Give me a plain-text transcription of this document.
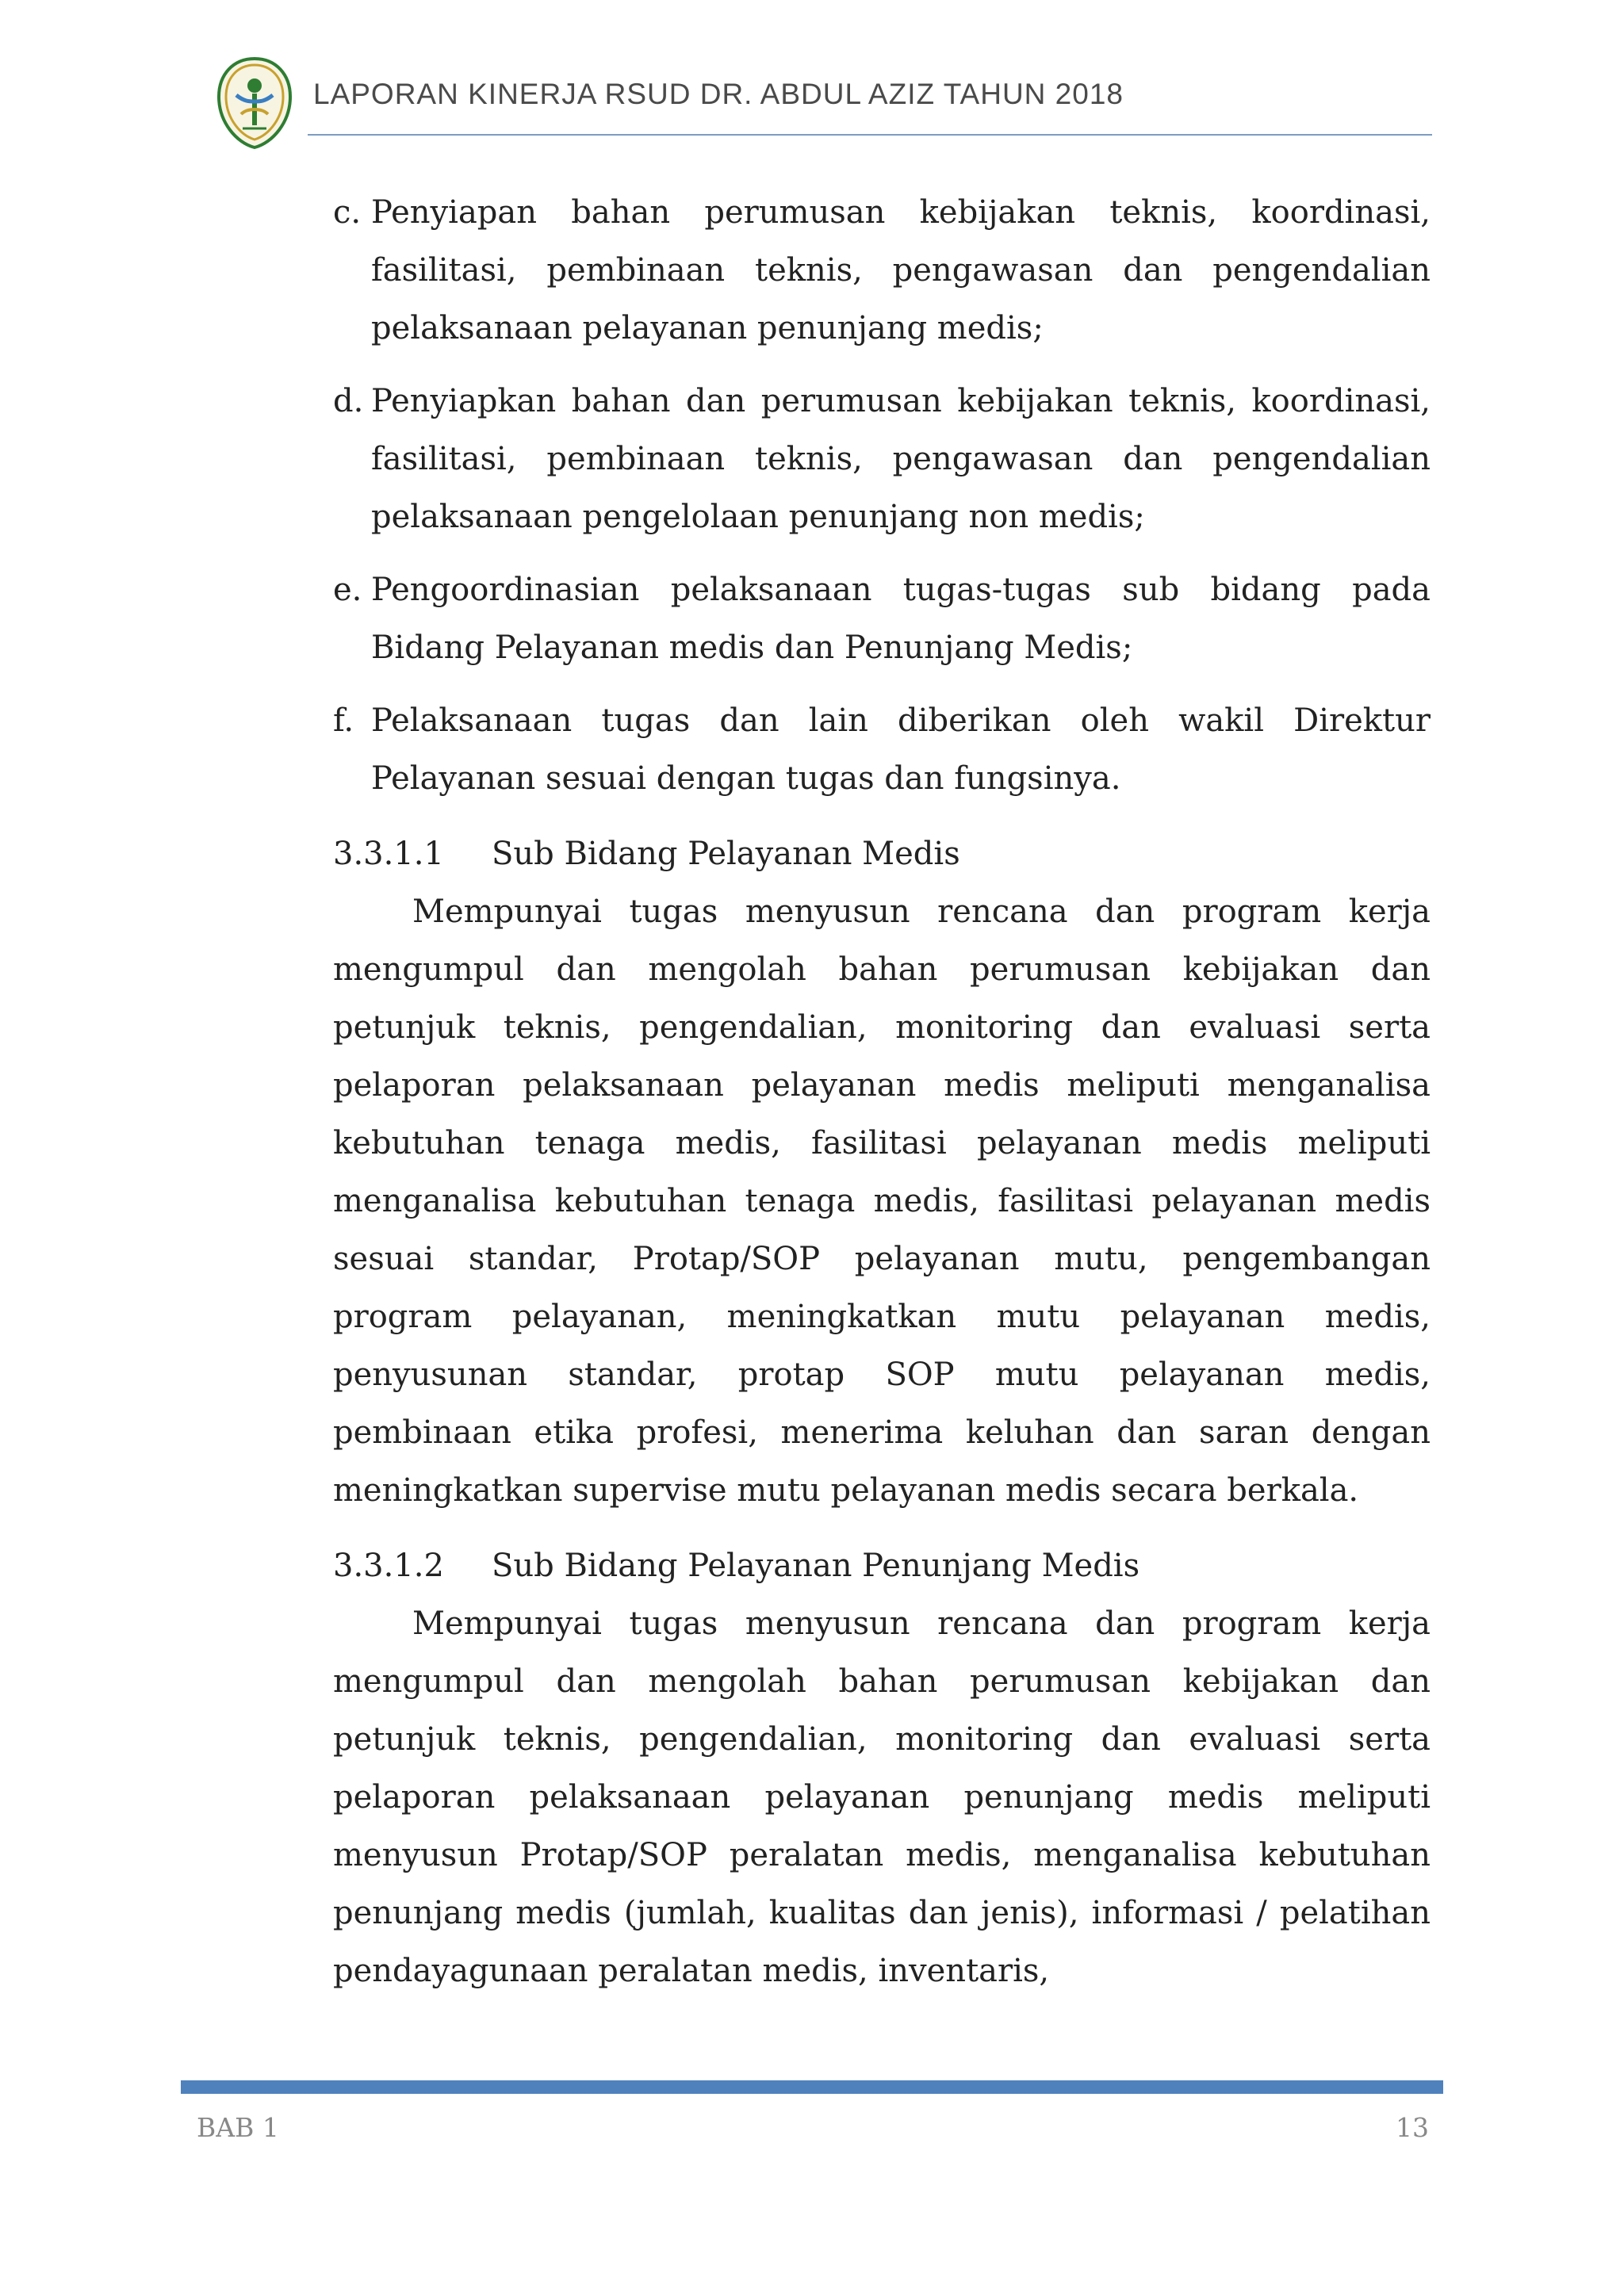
LAPORAN KINERJA RSUD DR. ABDUL AZIZ TAHUN 2018
c. Penyiapan bahan perumusan kebijakan teknis, koordinasi, fasilitasi, pembinaan teknis, pengawasan dan pengendalian pelaksanaan pelayanan penunjang medis;
d. Penyiapkan bahan dan perumusan kebijakan teknis, koordinasi, fasilitasi, pembinaan teknis, pengawasan dan pengendalian pelaksanaan pengelolaan penunjang non medis;
e. Pengoordinasian pelaksanaan tugas-tugas sub bidang pada Bidang Pelayanan medis dan Penunjang Medis;
f. Pelaksanaan tugas dan lain diberikan oleh wakil Direktur Pelayanan sesuai dengan tugas dan fungsinya.
3.3.1.1	Sub Bidang Pelayanan Medis

Mempunyai tugas menyusun rencana dan program kerja mengumpul dan mengolah bahan perumusan kebijakan dan petunjuk teknis, pengendalian, monitoring dan evaluasi serta pelaporan pelaksanaan pelayanan medis meliputi menganalisa kebutuhan tenaga medis, fasilitasi pelayanan medis meliputi menganalisa kebutuhan tenaga medis, fasilitasi pelayanan medis sesuai standar, Protap/SOP pelayanan mutu, pengembangan program pelayanan, meningkatkan mutu pelayanan medis, penyusunan standar, protap SOP mutu pelayanan medis, pembinaan etika profesi, menerima keluhan dan saran dengan meningkatkan supervise mutu pelayanan medis secara berkala.

3.3.1.2	Sub Bidang Pelayanan Penunjang Medis

Mempunyai tugas menyusun rencana dan program kerja mengumpul dan mengolah bahan perumusan kebijakan dan petunjuk teknis, pengendalian, monitoring dan evaluasi serta pelaporan pelaksanaan pelayanan penunjang medis meliputi menyusun Protap/SOP peralatan medis, menganalisa kebutuhan penunjang medis (jumlah, kualitas dan jenis), informasi / pelatihan pendayagunaan peralatan medis, inventaris,

BAB 1	13
